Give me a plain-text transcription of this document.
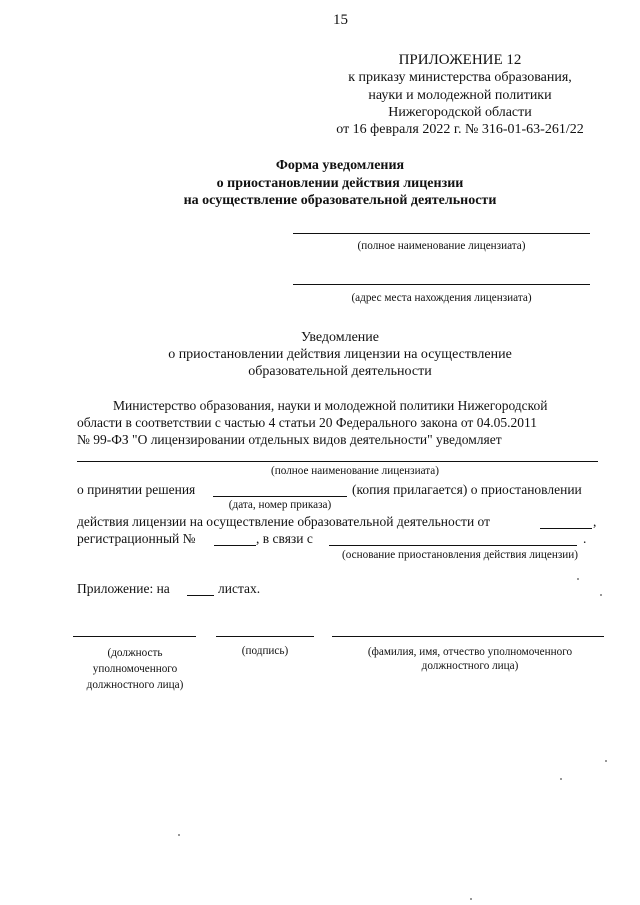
15
ПРИЛОЖЕНИЕ 12
к приказу министерства образования,
науки и молодежной политики
Нижегородской области
от 16 февраля 2022 г. № 316-01-63-261/22
Форма уведомления
о приостановлении действия лицензии
на осуществление образовательной деятельности
(полное наименование лицензиата)
(адрес места нахождения лицензиата)
Уведомление
о приостановлении действия лицензии на осуществление
образовательной деятельности
Министерство образования, науки и молодежной политики Нижегородской
области в соответствии с частью 4 статьи 20 Федерального закона от 04.05.2011
№ 99-ФЗ "О лицензировании отдельных видов деятельности" уведомляет
(полное наименование лицензиата)
о принятии решения	(копия прилагается) о приостановлении
(дата, номер приказа)
действия лицензии на осуществление образовательной деятельности от	,
регистрационный №	, в связи с	.
(основание приостановления действия лицензии)
Приложение: на	листах.
(должность
уполномоченного
должностного лица)
(подпись)	(фамилия, имя, отчество уполномоченного
должностного лица)
